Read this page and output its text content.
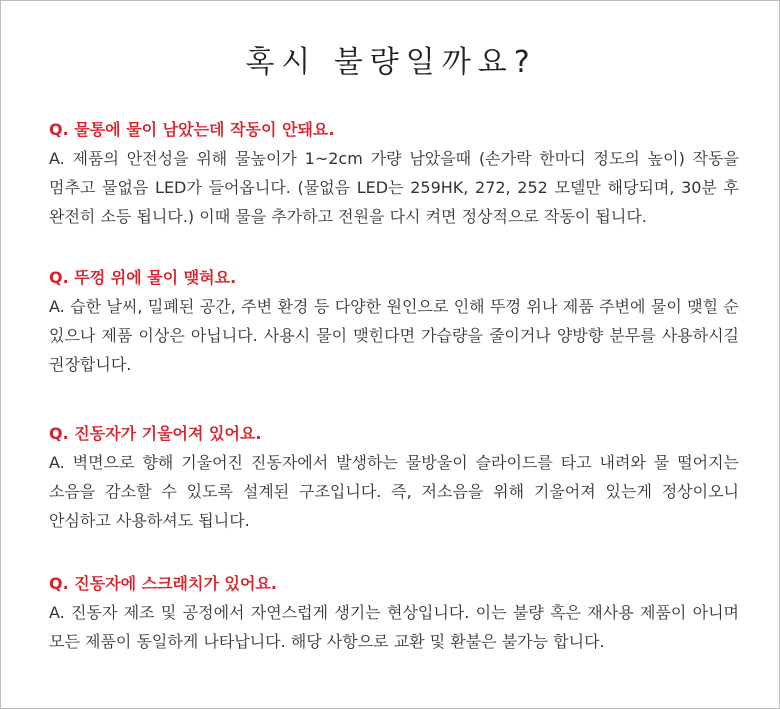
혹시 불량일까요?

Q. 물통에 물이 남았는데 작동이 안돼요.

A. 제품의 안전성을 위해 물높이가 1~2cm 가량 남았을때 (손가락 한마디 정도의 높이) 작동을 멈추고 물없음 LED가 들어옵니다. (물없음 LED는 259HK, 272, 252 모델만 해당되며, 30분 후 완전히 소등 됩니다.) 이때 물을 추가하고 전원을 다시 켜면 정상적으로 작동이 됩니다.

Q. 뚜껑 위에 물이 맺혀요.

A. 습한 날씨, 밀폐된 공간, 주변 환경 등 다양한 원인으로 인해 뚜껑 위나 제품 주변에 물이 맺힐 순 있으나 제품 이상은 아닙니다. 사용시 물이 맺힌다면 가습량을 줄이거나 양방향 분무를 사용하시길 권장합니다.

Q. 진동자가 기울어져 있어요.

A. 벽면으로 향해 기울어진 진동자에서 발생하는 물방울이 슬라이드를 타고 내려와 물 떨어지는 소음을 감소할 수 있도록 설계된 구조입니다. 즉, 저소음을 위해 기울어져 있는게 정상이오니 안심하고 사용하셔도 됩니다.

Q. 진동자에 스크래치가 있어요.

A. 진동자 제조 및 공정에서 자연스럽게 생기는 현상입니다. 이는 불량 혹은 재사용 제품이 아니며 모든 제품이 동일하게 나타납니다. 해당 사항으로 교환 및 환불은 불가능 합니다.
